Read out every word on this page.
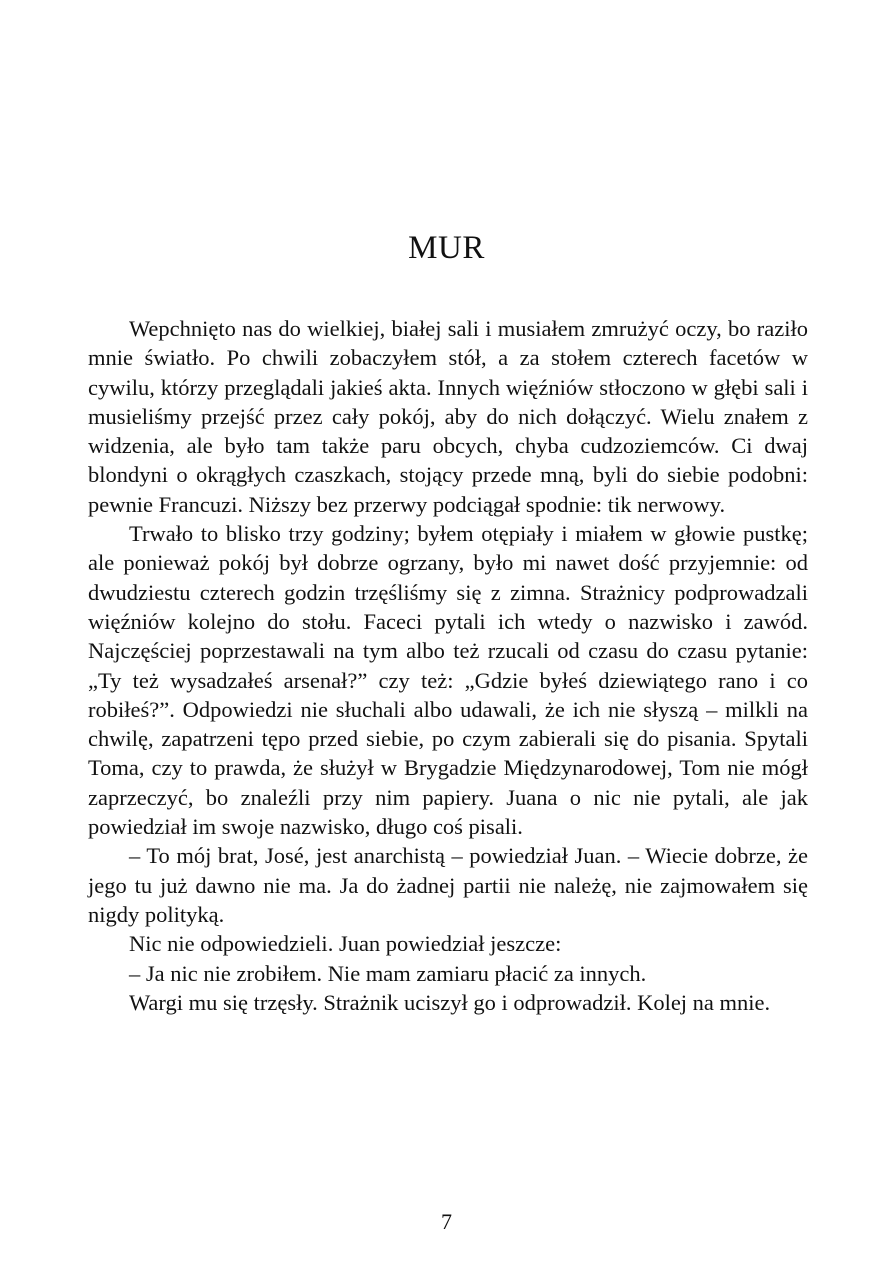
MUR

Wepchnięto nas do wielkiej, białej sali i musiałem zmrużyć oczy, bo raziło mnie światło. Po chwili zobaczyłem stół, a za stołem czterech facetów w cywilu, którzy przeglądali jakieś akta. Innych więźniów stłoczono w głębi sali i musieliśmy przejść przez cały pokój, aby do nich dołączyć. Wielu znałem z widzenia, ale było tam także paru obcych, chyba cudzoziemców. Ci dwaj blondyni o okrągłych czaszkach, stojący przede mną, byli do siebie podobni: pewnie Francuzi. Niższy bez przerwy podciągał spodnie: tik nerwowy.

Trwało to blisko trzy godziny; byłem otępiały i miałem w głowie pustkę; ale ponieważ pokój był dobrze ogrzany, było mi nawet dość przyjemnie: od dwudziestu czterech godzin trzęśliśmy się z zimna. Strażnicy podprowadzali więźniów kolejno do stołu. Faceci pytali ich wtedy o nazwisko i zawód. Najczęściej poprzestawali na tym albo też rzucali od czasu do czasu pytanie: „Ty też wysadzałeś arsenał?” czy też: „Gdzie byłeś dziewiątego rano i co robiłeś?”. Odpowiedzi nie słuchali albo udawali, że ich nie słyszą – milkli na chwilę, zapatrzeni tępo przed siebie, po czym zabierali się do pisania. Spytali Toma, czy to prawda, że służył w Brygadzie Międzynarodowej, Tom nie mógł zaprzeczyć, bo znaleźli przy nim papiery. Juana o nic nie pytali, ale jak powiedział im swoje nazwisko, długo coś pisali.

– To mój brat, José, jest anarchistą – powiedział Juan. – Wiecie dobrze, że jego tu już dawno nie ma. Ja do żadnej partii nie należę, nie zajmowałem się nigdy polityką.

Nic nie odpowiedzieli. Juan powiedział jeszcze:

– Ja nic nie zrobiłem. Nie mam zamiaru płacić za innych.

Wargi mu się trzęsły. Strażnik uciszył go i odprowadził. Kolej na mnie.

7
